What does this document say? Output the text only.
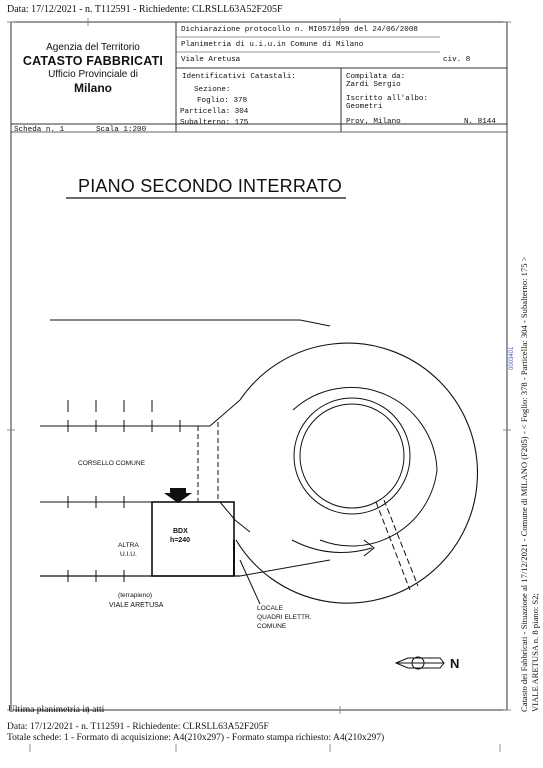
Data: 17/12/2021 - n. T112591 - Richiedente: CLRSLL63A52F205F
Agenzia del Territorio
CATASTO FABBRICATI
Ufficio Provinciale di
Milano
Dichiarazione protocollo n. MI0571099 del 24/06/2008
Planimetria di u.i.u.in Comune di Milano
Viale Aretusa	civ. 8
Identificativi Catastali:
Sezione:
Foglio: 378
Particella: 304
Subalterno: 175
Compilata da:
Zardi Sergio
Iscritto all'albo:
Geometri
Prov. Milano	N. 8144
Scheda n. 1	Scala 1:200
PIANO SECONDO INTERRATO
CORSELLO COMUNE
ALTRA
U.I.U.
BDX
h=240
(terrapieno)
VIALE ARETUSA	LOCALE
QUADRI ELETTR.
COMUNE
N	Catasto dei Fabbricati - Situazione al 17/12/2021 - Comune di MILANO (F205) - < Foglio: 378 - Particella: 304 - Subalterno: 175 > VIALE ARETUSA n. 8 piano: S2;
0003401
Ultima planimetria in atti
Data: 17/12/2021 - n. T112591 - Richiedente: CLRSLL63A52F205F
Totale schede: 1 - Formato di acquisizione: A4(210x297) - Formato stampa richiesto: A4(210x297)
